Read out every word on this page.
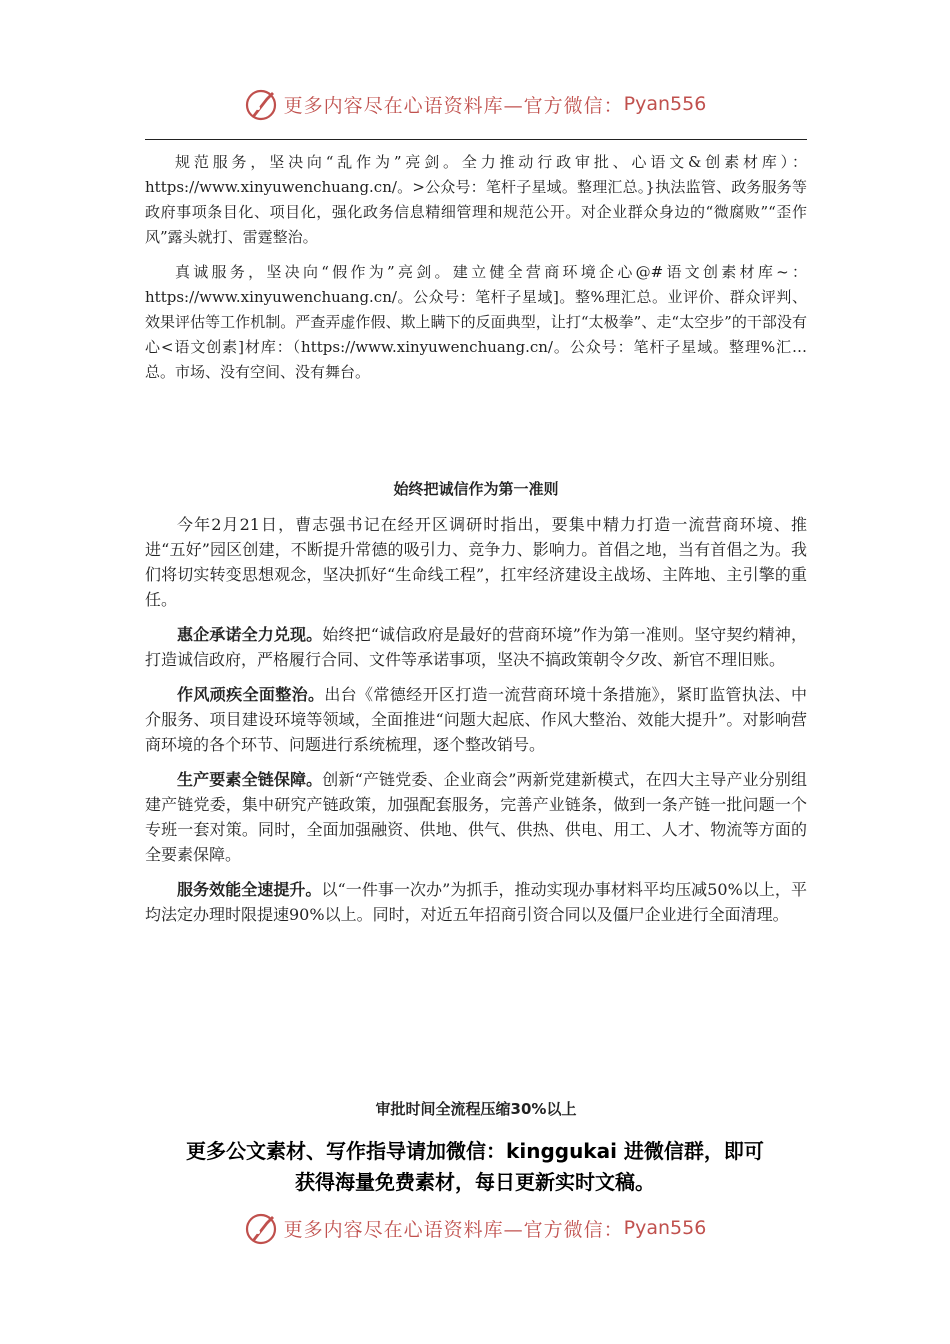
更多内容尽在心语资料库—官方微信： Pyan556

规范服务，坚决向“乱作为”亮剑。全力推动行政审批、心语文&创素材库）：https://www.xinyuwenchuang.cn/。>公众号：笔杆子星域。整理汇总。}执法监管、政务服务等政府事项条目化、项目化，强化政务信息精细管理和规范公开。对企业群众身边的“微腐败”“歪作风”露头就打、雷霆整治。

真诚服务，坚决向“假作为”亮剑。建立健全营商环境企心@#语文创素材库~：https://www.xinyuwenchuang.cn/。公众号：笔杆子星域]。整%理汇总。业评价、群众评判、效果评估等工作机制。严查弄虚作假、欺上瞒下的反面典型，让打“太极拳”、走“太空步”的干部没有心<语文创素]材库：（https://www.xinyuwenchuang.cn/。公众号：笔杆子星域。整理%汇…总。市场、没有空间、没有舞台。

始终把诚信作为第一准则

今年2月21日，曹志强书记在经开区调研时指出，要集中精力打造一流营商环境、推进“五好”园区创建，不断提升常德的吸引力、竞争力、影响力。首倡之地，当有首倡之为。我们将切实转变思想观念，坚决抓好“生命线工程”，扛牢经济建设主战场、主阵地、主引擎的重任。

惠企承诺全力兑现。始终把“诚信政府是最好的营商环境”作为第一准则。坚守契约精神，打造诚信政府，严格履行合同、文件等承诺事项，坚决不搞政策朝令夕改、新官不理旧账。

作风顽疾全面整治。出台《常德经开区打造一流营商环境十条措施》，紧盯监管执法、中介服务、项目建设环境等领域，全面推进“问题大起底、作风大整治、效能大提升”。对影响营商环境的各个环节、问题进行系统梳理，逐个整改销号。

生产要素全链保障。创新“产链党委、企业商会”两新党建新模式，在四大主导产业分别组建产链党委，集中研究产链政策，加强配套服务，完善产业链条，做到一条产链一批问题一个专班一套对策。同时，全面加强融资、供地、供气、供热、供电、用工、人才、物流等方面的全要素保障。

服务效能全速提升。以“一件事一次办”为抓手，推动实现办事材料平均压减50%以上，平均法定办理时限提速90%以上。同时，对近五年招商引资合同以及僵尸企业进行全面清理。

审批时间全流程压缩30%以上

更多公文素材、写作指导请加微信：kinggukai 进微信群，即可
获得海量免费素材，每日更新实时文稿。
更多内容尽在心语资料库—官方微信： Pyan556
